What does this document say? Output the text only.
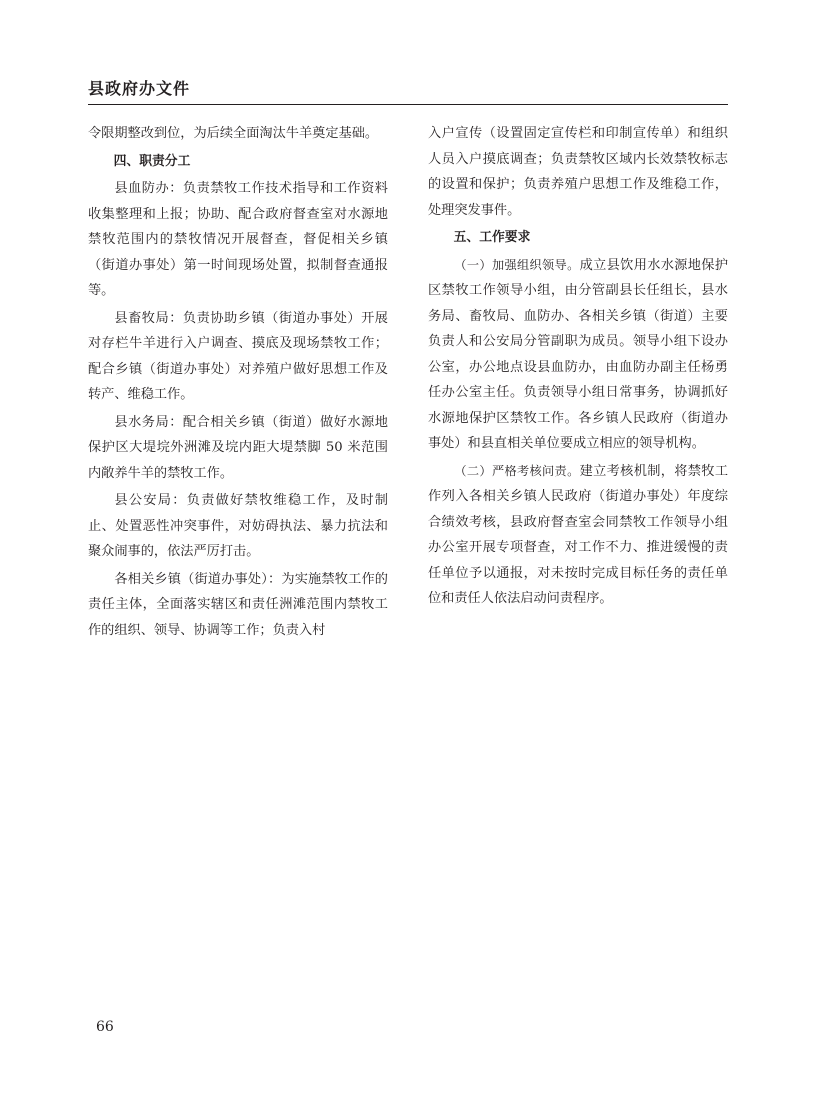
县政府办文件

令限期整改到位，为后续全面淘汰牛羊奠定基础。

四、职责分工

县血防办：负责禁牧工作技术指导和工作资料收集整理和上报；协助、配合政府督查室对水源地禁牧范围内的禁牧情况开展督查，督促相关乡镇（街道办事处）第一时间现场处置，拟制督查通报等。

县畜牧局：负责协助乡镇（街道办事处）开展对存栏牛羊进行入户调查、摸底及现场禁牧工作；配合乡镇（街道办事处）对养殖户做好思想工作及转产、维稳工作。

县水务局：配合相关乡镇（街道）做好水源地保护区大堤垸外洲滩及垸内距大堤禁脚 50 米范围内敞养牛羊的禁牧工作。

县公安局：负责做好禁牧维稳工作，及时制止、处置恶性冲突事件，对妨碍执法、暴力抗法和聚众闹事的，依法严厉打击。

各相关乡镇（街道办事处）：为实施禁牧工作的责任主体，全面落实辖区和责任洲滩范围内禁牧工作的组织、领导、协调等工作；负责入村

入户宣传（设置固定宣传栏和印制宣传单）和组织人员入户摸底调查；负责禁牧区域内长效禁牧标志的设置和保护；负责养殖户思想工作及维稳工作，处理突发事件。

五、工作要求

（一）加强组织领导。成立县饮用水水源地保护区禁牧工作领导小组，由分管副县长任组长，县水务局、畜牧局、血防办、各相关乡镇（街道）主要负责人和公安局分管副职为成员。领导小组下设办公室，办公地点设县血防办，由血防办副主任杨勇任办公室主任。负责领导小组日常事务，协调抓好水源地保护区禁牧工作。各乡镇人民政府（街道办事处）和县直相关单位要成立相应的领导机构。

（二）严格考核问责。建立考核机制，将禁牧工作列入各相关乡镇人民政府（街道办事处）年度综合绩效考核，县政府督查室会同禁牧工作领导小组办公室开展专项督查，对工作不力、推进缓慢的责任单位予以通报，对未按时完成目标任务的责任单位和责任人依法启动问责程序。

66
